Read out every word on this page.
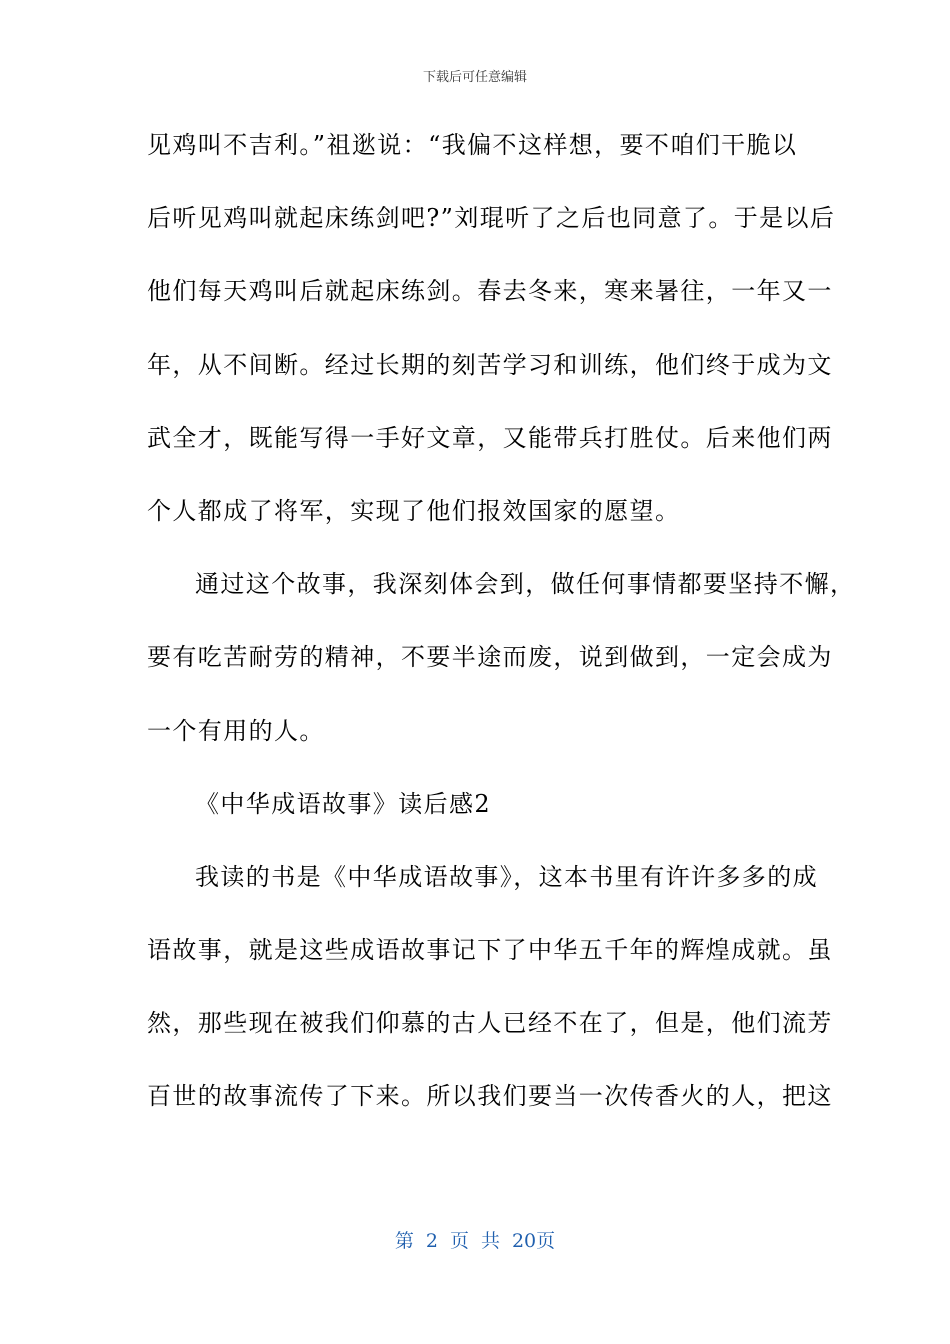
下载后可任意编辑
见鸡叫不吉利。”祖逖说：“我偏不这样想，要不咱们干脆以
后听见鸡叫就起床练剑吧?”刘琨听了之后也同意了。于是以后
他们每天鸡叫后就起床练剑。春去冬来，寒来暑往，一年又一
年，从不间断。经过长期的刻苦学习和训练，他们终于成为文
武全才，既能写得一手好文章，又能带兵打胜仗。后来他们两
个人都成了将军，实现了他们报效国家的愿望。
通过这个故事，我深刻体会到，做任何事情都要坚持不懈，
要有吃苦耐劳的精神，不要半途而废，说到做到，一定会成为
一个有用的人。
《中华成语故事》读后感2
我读的书是《中华成语故事》，这本书里有许许多多的成
语故事，就是这些成语故事记下了中华五千年的辉煌成就。虽
然，那些现在被我们仰慕的古人已经不在了，但是，他们流芳
百世的故事流传了下来。所以我们要当一次传香火的人，把这
第 2 页 共 20页
